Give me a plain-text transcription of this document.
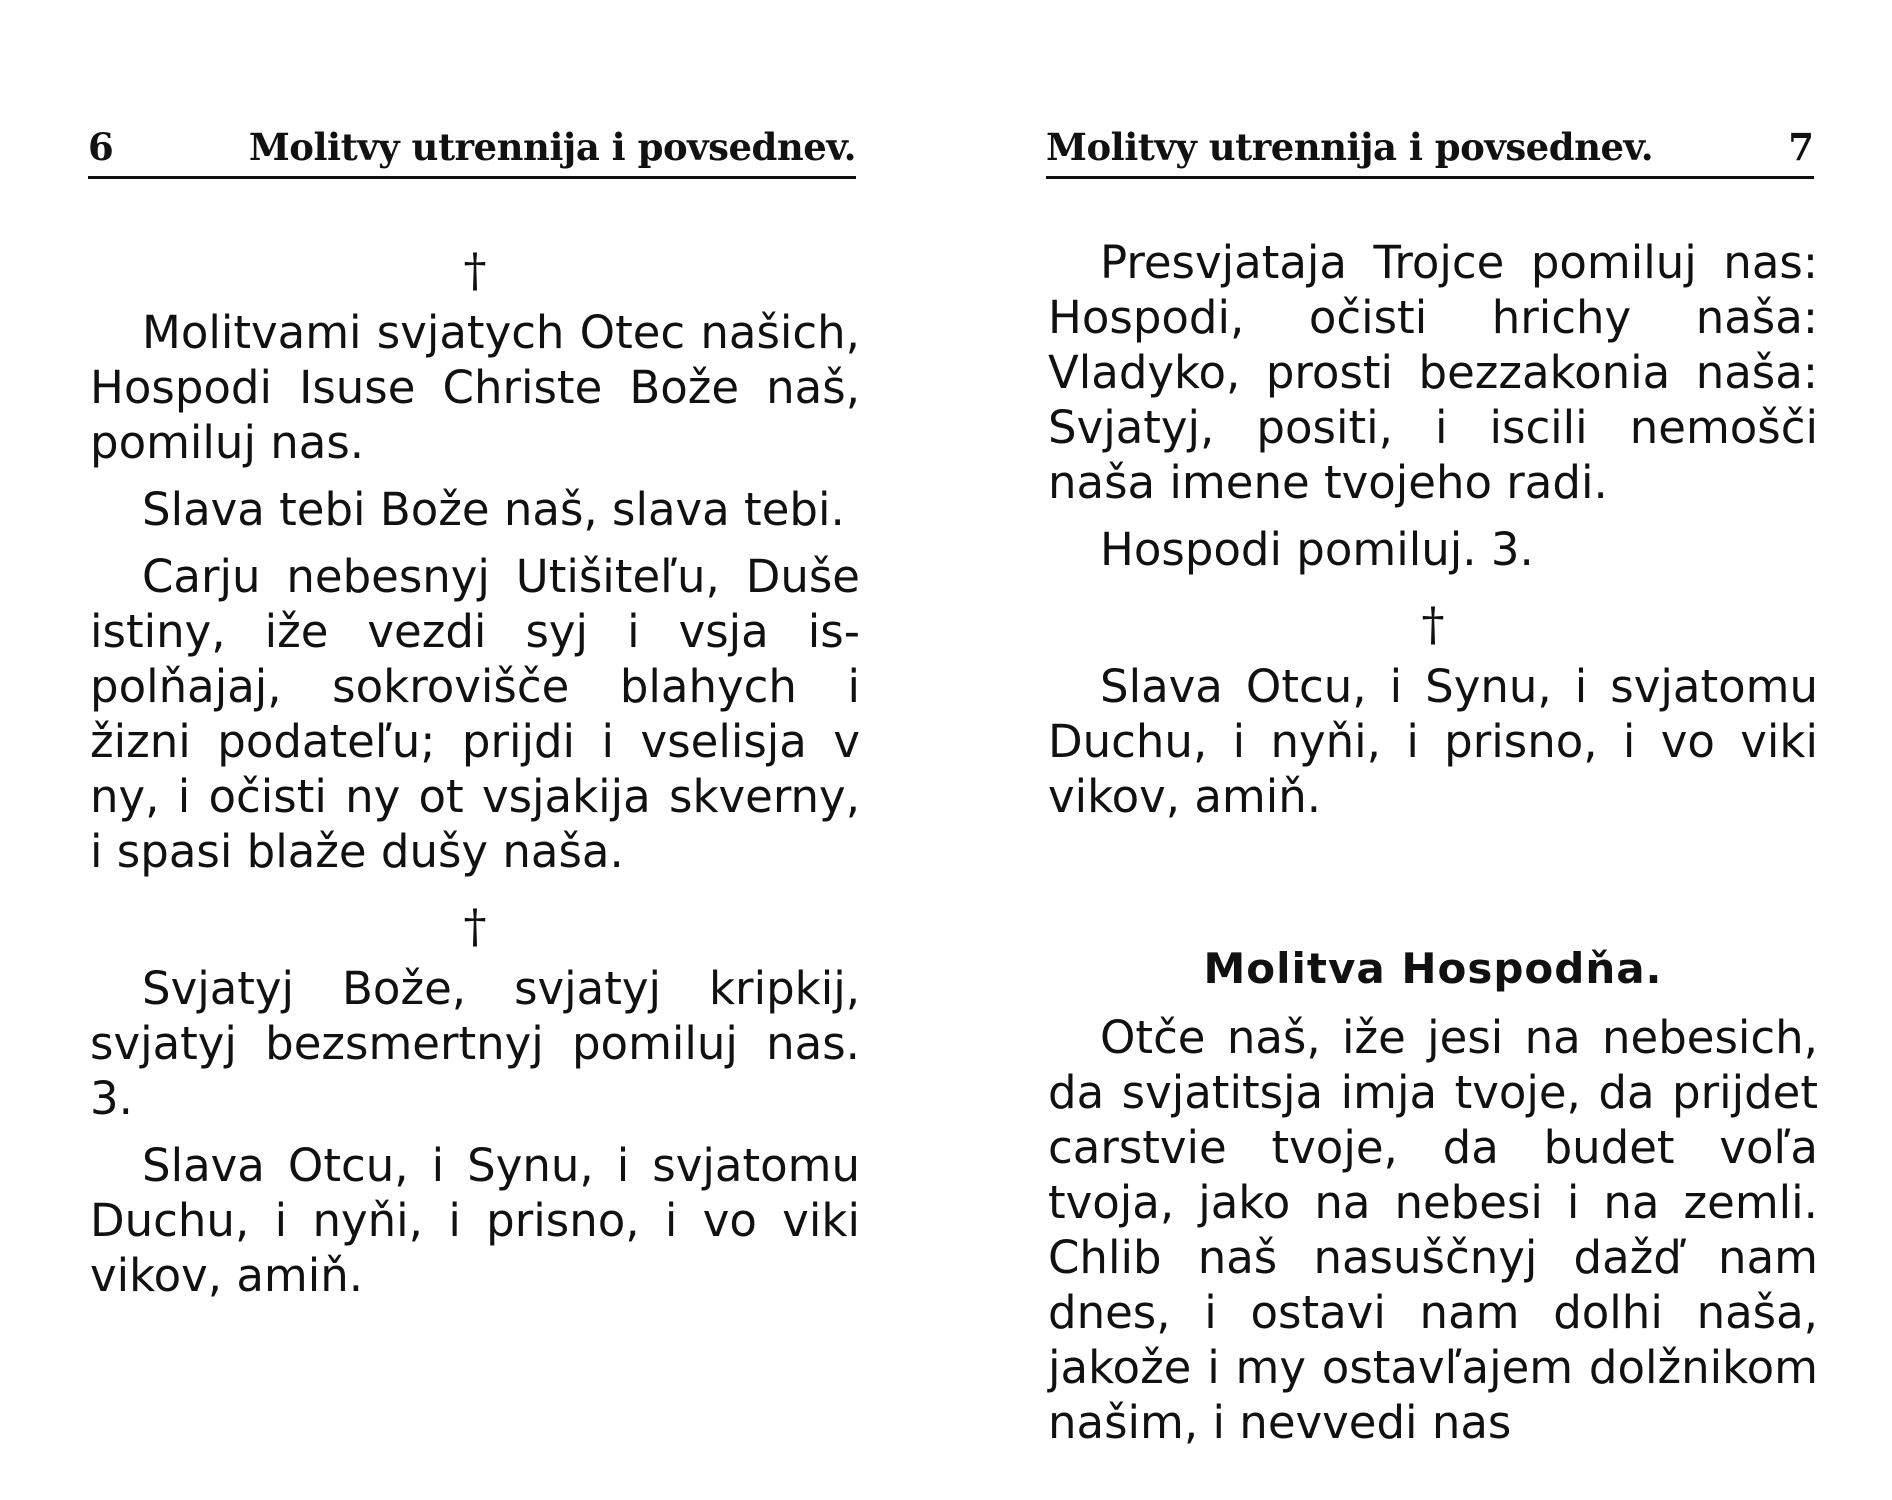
6	Molitvy utrennija i povsednev.
†

Molitvami svjatych Otec našich, Hospodi Isuse Christe Bože naš, pomiluj nas.

Slava tebi Bože naš, slava tebi.

Carju nebesnyj Utišiteľu, Duše istiny, iže vezdi syj i vsja ispolňajaj, sokrovišče blahych i žizni podateľu; prijdi i vselisja v ny, i očisti ny ot vsjakija skverny, i spasi blaže dušy naša.

†

Svjatyj Bože, svjatyj kripkij, svjatyj bezsmertnyj pomiluj nas. 3.

Slava Otcu, i Synu, i svjatomu Duchu, i nyňi, i prisno, i vo viki vikov, amiň.

Molitvy utrennija i povsednev.	7

Presvjataja Trojce pomiluj nas: Hospodi, očisti hrichy naša: Vladyko, prosti bezzakonia naša: Svjatyj, positi, i iscili nemošči naša imene tvojeho radi.

Hospodi pomiluj. 3.

†

Slava Otcu, i Synu, i svjatomu Duchu, i nyňi, i prisno, i vo viki vikov, amiň.

Molitva Hospodňa.

Otče naš, iže jesi na nebesich, da svjatitsja imja tvoje, da prijdet carstvie tvoje, da budet voľa tvoja, jako na nebesi i na zemli. Chlib naš nasuščnyj dažď nam dnes, i ostavi nam dolhi naša, jakože i my ostavľajem dolžnikom našim, i nevvedi nas
